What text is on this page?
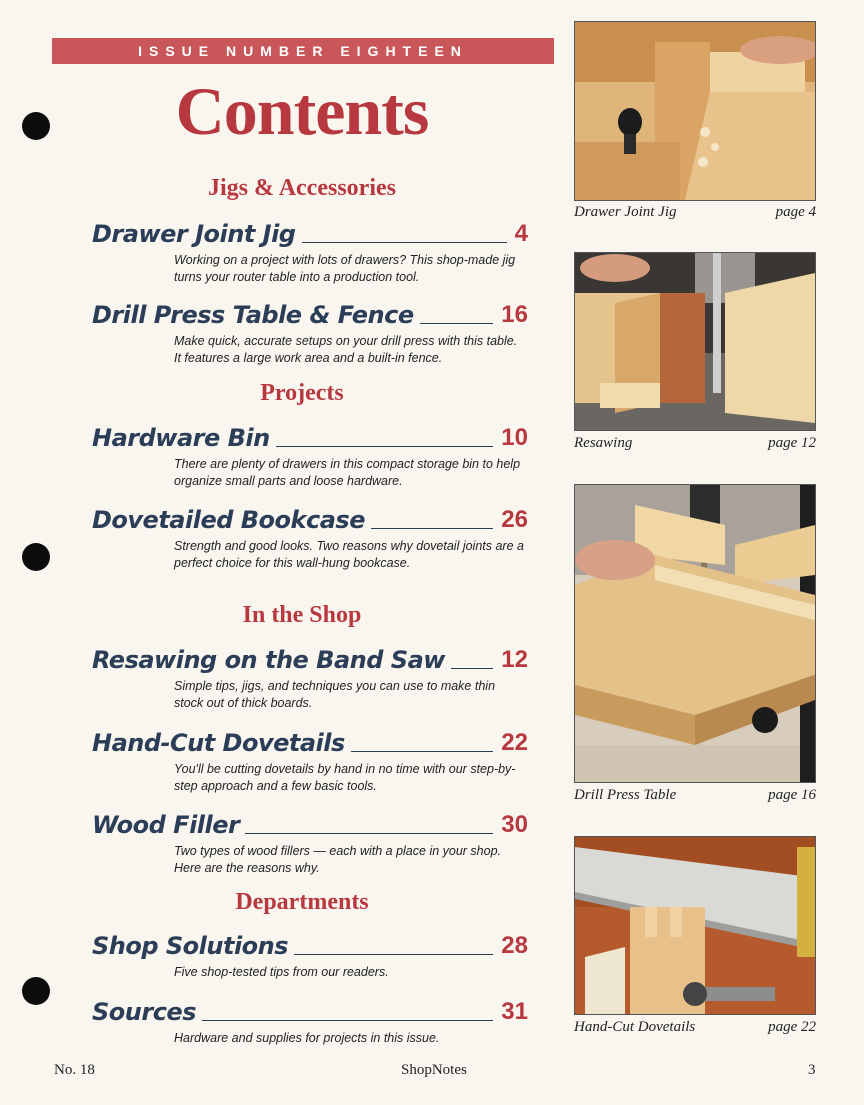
ISSUE NUMBER EIGHTEEN
Contents
Jigs & Accessories
Drawer Joint Jig	4
Working on a project with lots of drawers? This shop-made jig turns your router table into a production tool.
Drill Press Table & Fence	16
Make quick, accurate setups on your drill press with this table. It features a large work area and a built-in fence.
Projects
Hardware Bin	10
There are plenty of drawers in this compact storage bin to help organize small parts and loose hardware.
Dovetailed Bookcase	26
Strength and good looks. Two reasons why dovetail joints are a perfect choice for this wall-hung bookcase.
In the Shop
Resawing on the Band Saw 12
Simple tips, jigs, and techniques you can use to make thin stock out of thick boards.
Hand-Cut Dovetails	22
You'll be cutting dovetails by hand in no time with our step-by-step approach and a few basic tools.
Wood Filler	30
Two types of wood fillers — each with a place in your shop. Here are the reasons why.
Departments
Shop Solutions	28
Five shop-tested tips from our readers.
Sources	31
Hardware and supplies for projects in this issue.
Drawer Joint Jig	page 4
Resawing	page 12
Drill Press Table	page 16
Hand-Cut Dovetails	page 22
No. 18	ShopNotes	3
